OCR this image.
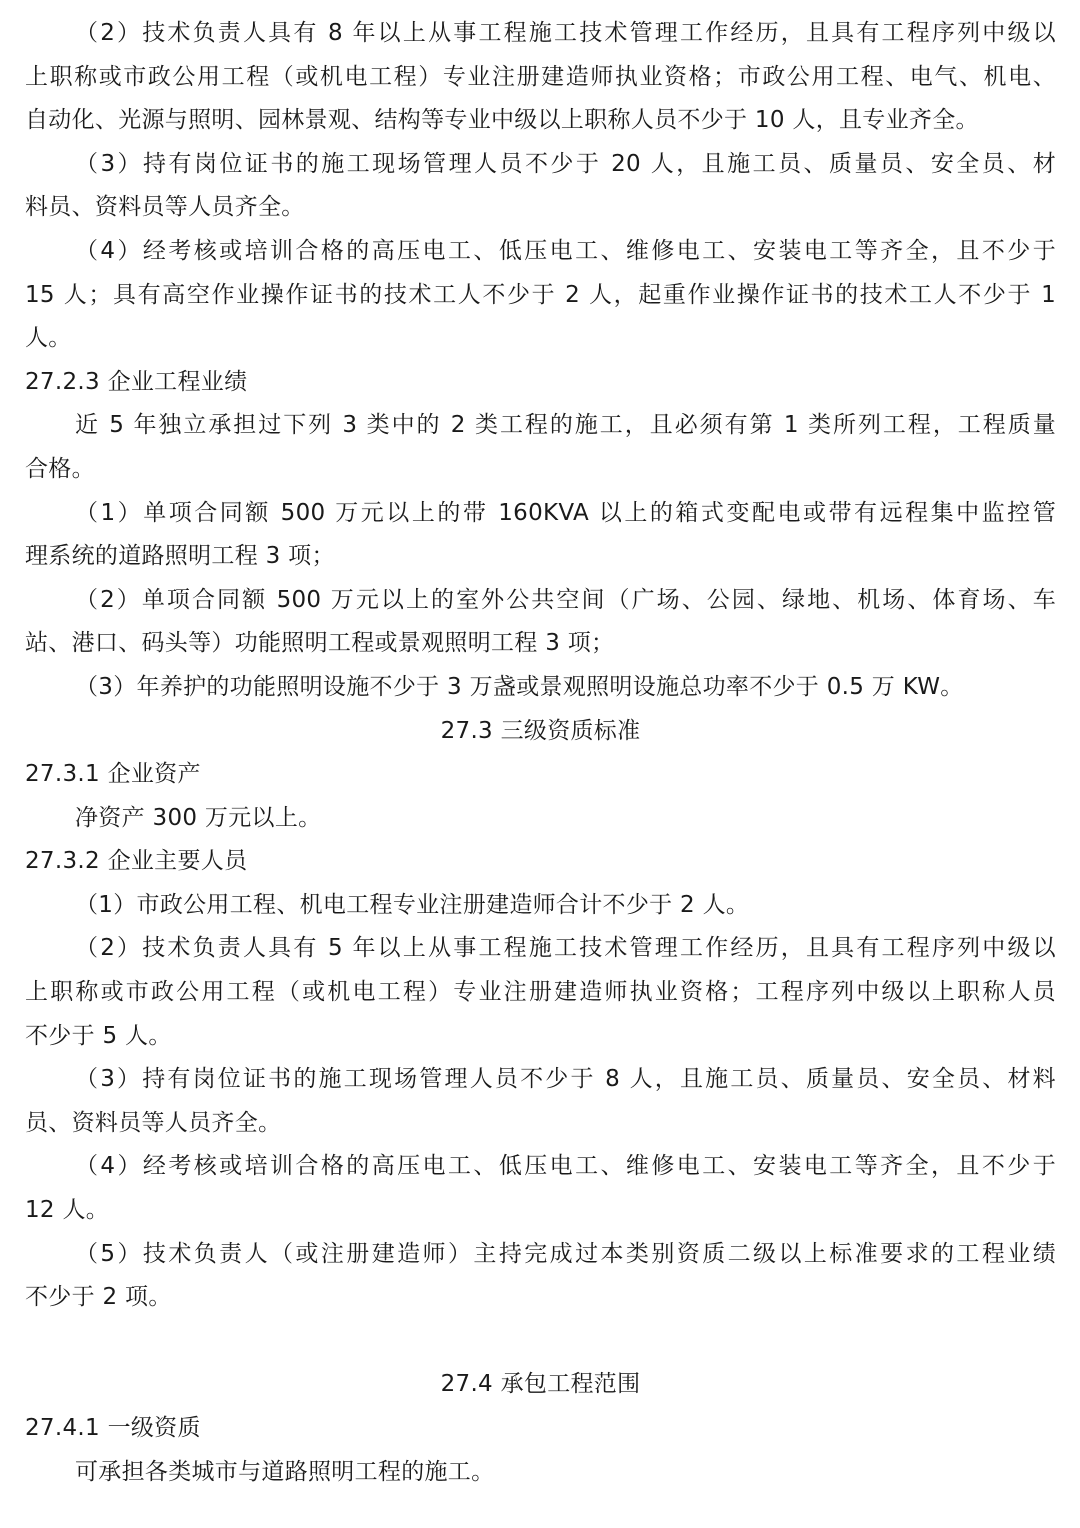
（2）技术负责人具有 8 年以上从事工程施工技术管理工作经历，且具有工程序列中级以
上职称或市政公用工程（或机电工程）专业注册建造师执业资格；市政公用工程、电气、机电、
自动化、光源与照明、园林景观、结构等专业中级以上职称人员不少于 10 人，且专业齐全。
（3）持有岗位证书的施工现场管理人员不少于 20 人，且施工员、质量员、安全员、材
料员、资料员等人员齐全。
（4）经考核或培训合格的高压电工、低压电工、维修电工、安装电工等齐全，且不少于
15 人；具有高空作业操作证书的技术工人不少于 2 人，起重作业操作证书的技术工人不少于 1
人。
27.2.3 企业工程业绩
近 5 年独立承担过下列 3 类中的 2 类工程的施工，且必须有第 1 类所列工程，工程质量
合格。
（1）单项合同额 500 万元以上的带 160KVA 以上的箱式变配电或带有远程集中监控管
理系统的道路照明工程 3 项；
（2）单项合同额 500 万元以上的室外公共空间（广场、公园、绿地、机场、体育场、车
站、港口、码头等）功能照明工程或景观照明工程 3 项；
（3）年养护的功能照明设施不少于 3 万盏或景观照明设施总功率不少于 0.5 万 KW。
27.3 三级资质标准
27.3.1 企业资产
净资产 300 万元以上。
27.3.2 企业主要人员
（1）市政公用工程、机电工程专业注册建造师合计不少于 2 人。
（2）技术负责人具有 5 年以上从事工程施工技术管理工作经历，且具有工程序列中级以
上职称或市政公用工程（或机电工程）专业注册建造师执业资格；工程序列中级以上职称人员
不少于 5 人。
（3）持有岗位证书的施工现场管理人员不少于 8 人，且施工员、质量员、安全员、材料
员、资料员等人员齐全。
（4）经考核或培训合格的高压电工、低压电工、维修电工、安装电工等齐全，且不少于
12 人。
（5）技术负责人（或注册建造师）主持完成过本类别资质二级以上标准要求的工程业绩
不少于 2 项。
27.4 承包工程范围
27.4.1 一级资质
可承担各类城市与道路照明工程的施工。
